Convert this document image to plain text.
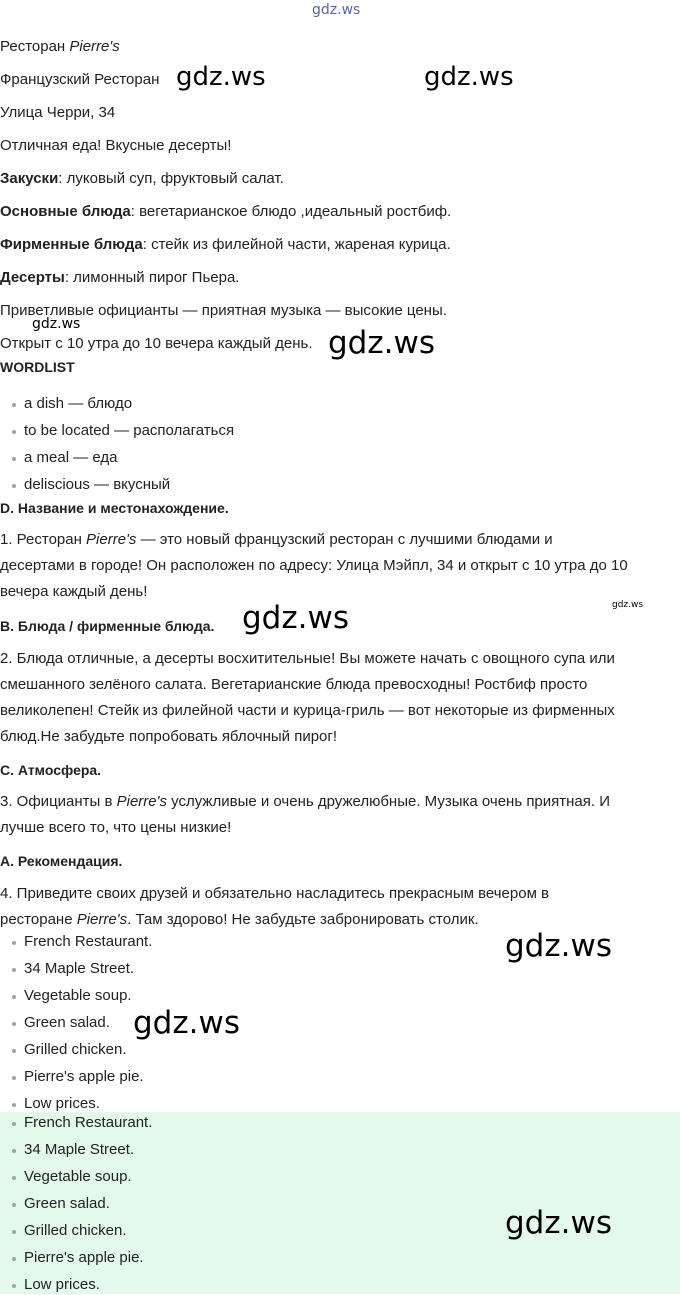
gdz.ws
Ресторан Pierre's
Французский Ресторан
Улица Черри, 34
Отличная еда! Вкусные десерты!
Закуски: луковый суп, фруктовый салат.
Основные блюда: вегетарианское блюдо ,идеальный ростбиф.
Фирменные блюда: стейк из филейной части, жареная курица.
Десерты: лимонный пирог Пьера.
Приветливые официанты — приятная музыка — высокие цены.
Открыт с 10 утра до 10 вечера каждый день.
WORDLIST
a dish — блюдо
to be located — располагаться
a meal — еда
deliscious — вкусный
D. Название и местонахождение.
1. Ресторан Pierre's — это новый французский ресторан с лучшими блюдами и
десертами в городе! Он расположен по адресу: Улица Мэйпл, 34 и открыт с 10 утра до 10
вечера каждый день!
B. Блюда / фирменные блюда.
2. Блюда отличные, а десерты восхитительные! Вы можете начать с овощного супа или
смешанного зелёного салата. Вегетарианские блюда превосходны! Ростбиф просто
великолепен! Стейк из филейной части и курица-гриль — вот некоторые из фирменных
блюд.Не забудьте попробовать яблочный пирог!
C. Атмосфера.
3. Официанты в Pierre's услужливые и очень дружелюбные. Музыка очень приятная. И
лучше всего то, что цены низкие!
A. Рекомендация.
4. Приведите своих друзей и обязательно насладитесь прекрасным вечером в
ресторане Pierre's. Там здорово! Не забудьте забронировать столик.
French Restaurant.
34 Maple Street.
Vegetable soup.
Green salad.
Grilled chicken.
Pierre's apple pie.
Low prices.
French Restaurant.
34 Maple Street.
Vegetable soup.
Green salad.
Grilled chicken.
Pierre's apple pie.
Low prices.
gdz.ws	gdz.ws
gdz.ws
gdz.ws
gdz.ws
gdz.ws
gdz.ws
gdz.ws
gdz.ws
